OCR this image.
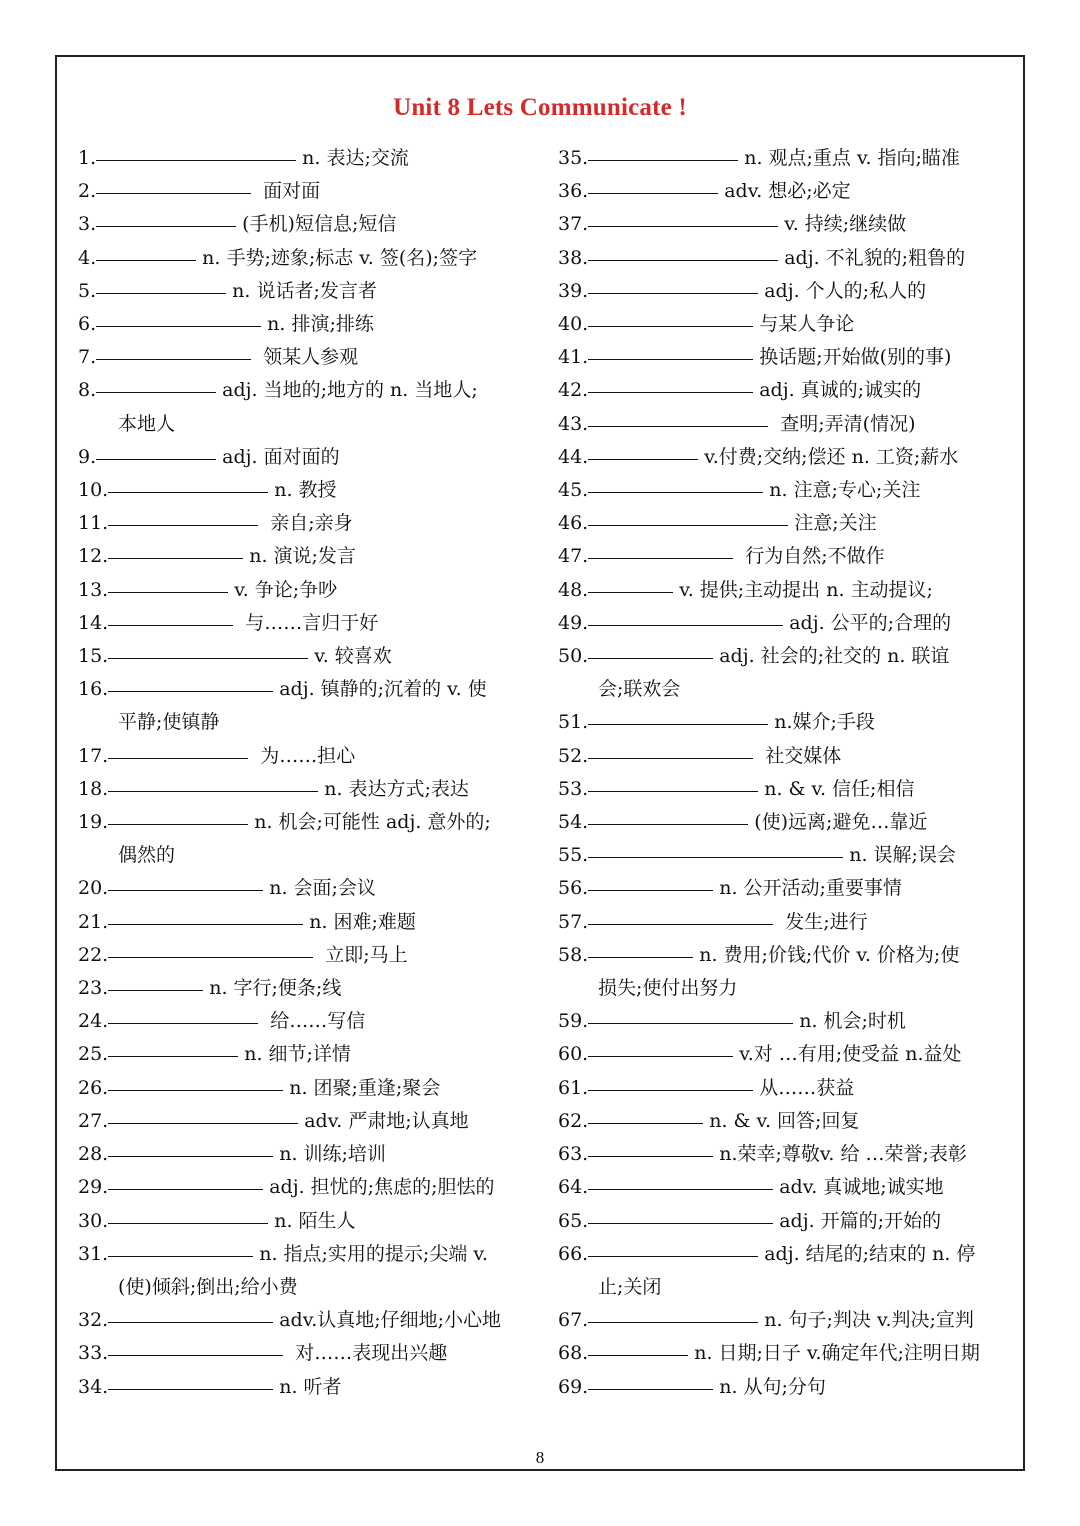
Unit 8 Lets Communicate !
1.	n. 表达;交流
2.	面对面
3.	(手机)短信息;短信
4.	n. 手势;迹象;标志 v. 签(名);签字
5.	n. 说话者;发言者
6.	n. 排演;排练
7.	领某人参观
8.	adj. 当地的;地方的 n. 当地人;
本地人
9.	adj. 面对面的
10.	n. 教授
11.	亲自;亲身
12.	n. 演说;发言
13.	v. 争论;争吵
14.	与……言归于好
15.	v. 较喜欢
16.	adj. 镇静的;沉着的 v. 使
平静;使镇静
17.	为……担心
18.	n. 表达方式;表达
19.	n. 机会;可能性 adj. 意外的;
偶然的
20.	n. 会面;会议
21.	n. 困难;难题
22.	立即;马上
23.	n. 字行;便条;线
24.	给……写信
25.	n. 细节;详情
26.	n. 团聚;重逢;聚会
27.	adv. 严肃地;认真地
28.	n. 训练;培训
29.	adj. 担忧的;焦虑的;胆怯的
30.	n. 陌生人
31.	n. 指点;实用的提示;尖端 v.
(使)倾斜;倒出;给小费
32.	adv.认真地;仔细地;小心地
33.	对……表现出兴趣
34.	n. 听者
35.	n. 观点;重点 v. 指向;瞄准
36.	adv. 想必;必定
37.	v. 持续;继续做
38.	adj. 不礼貌的;粗鲁的
39.	adj. 个人的;私人的
40.	与某人争论
41.	换话题;开始做(别的事)
42.	adj. 真诚的;诚实的
43.	查明;弄清(情况)
44.	v.付费;交纳;偿还 n. 工资;薪水
45.	n. 注意;专心;关注
46.	注意;关注
47.	行为自然;不做作
48.	v. 提供;主动提出 n. 主动提议;
49.	adj. 公平的;合理的
50.	adj. 社会的;社交的 n. 联谊
会;联欢会
51.	n.媒介;手段
52.	社交媒体
53.	n. & v. 信任;相信
54.	(使)远离;避免…靠近
55.	n. 误解;误会
56.	n. 公开活动;重要事情
57.	发生;进行
58.	n. 费用;价钱;代价 v. 价格为;使
损失;使付出努力
59.	n. 机会;时机
60.	v.对 …有用;使受益 n.益处
61.	从……获益
62.	n. & v. 回答;回复
63.	n.荣幸;尊敬v. 给 …荣誉;表彰
64.	adv. 真诚地;诚实地
65.	adj. 开篇的;开始的
66.	adj. 结尾的;结束的 n. 停
止;关闭
67.	n. 句子;判决 v.判决;宣判
68.	n. 日期;日子 v.确定年代;注明日期
69.	n. 从句;分句
8
